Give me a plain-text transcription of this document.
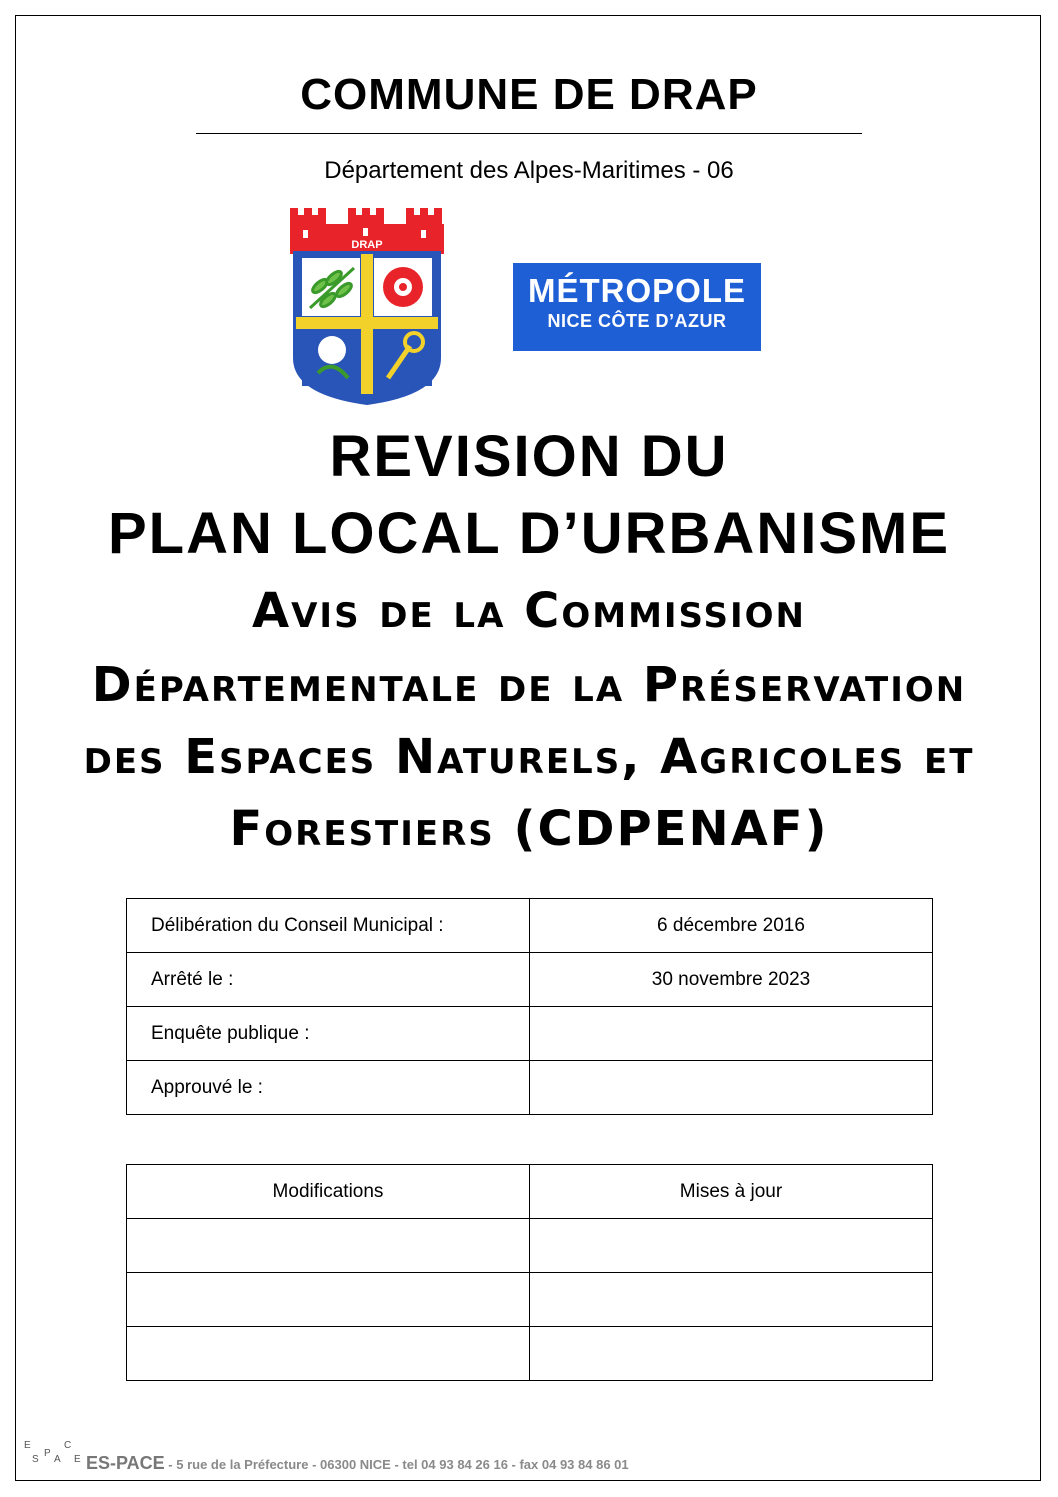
COMMUNE DE DRAP
Département des Alpes-Maritimes - 06
DRAP
MÉTROPOLE
NICE CÔTE D’AZUR
REVISION DU
PLAN LOCAL D’URBANISME
Avis de la Commission
Départementale de la Préservation
des Espaces Naturels, Agricoles et
Forestiers (CDPENAF)
Délibération du Conseil Municipal :	6 décembre 2016
Arrêté le :	30 novembre 2023
Enquête publique :	
Approuvé le :	
Modifications	Mises à jour

E
S
P
A
C
E ES-PACE - 5 rue de la Préfecture - 06300 NICE - tel 04 93 84 26 16 - fax 04 93 84 86 01
